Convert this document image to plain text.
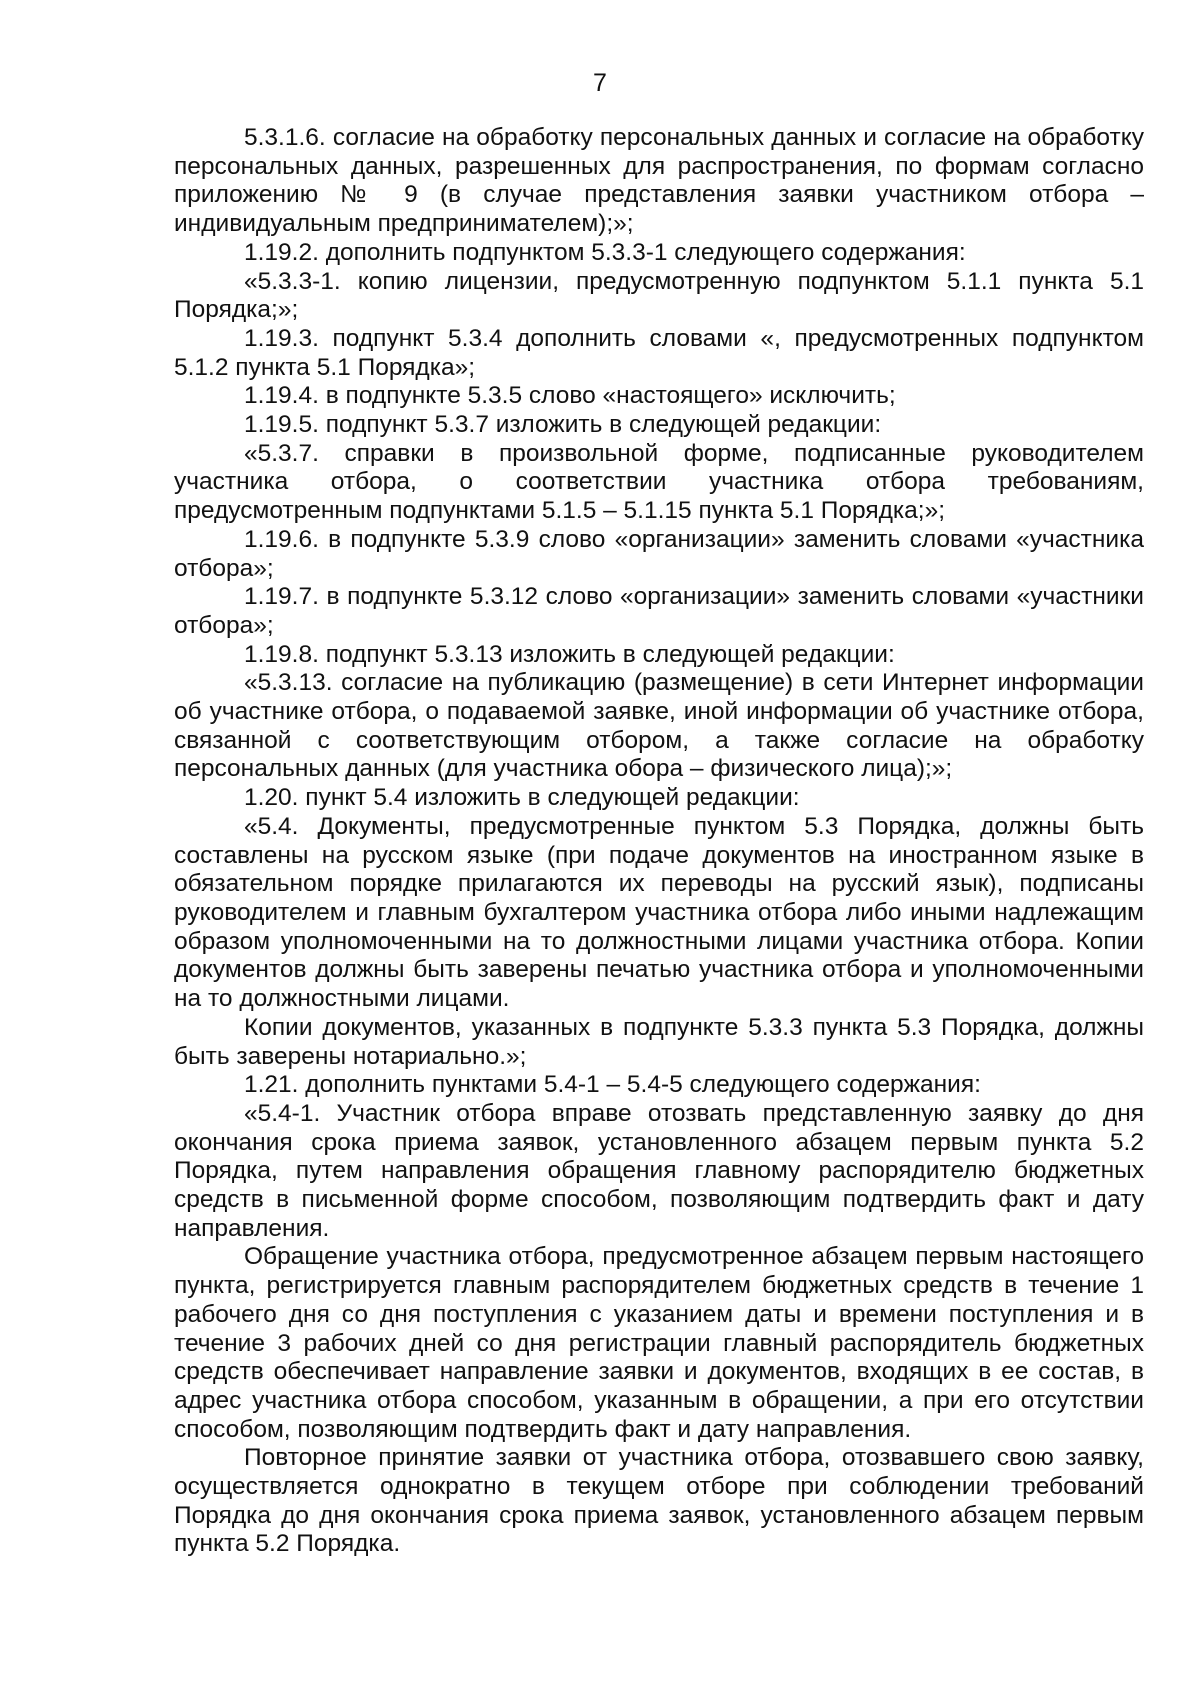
7

5.3.1.6. согласие на обработку персональных данных и согласие на обработку персональных данных, разрешенных для распространения, по формам согласно приложению № 9 (в случае представления заявки участником отбора – индивидуальным предпринимателем);»;

1.19.2. дополнить подпунктом 5.3.3-1 следующего содержания:

«5.3.3-1. копию лицензии, предусмотренную подпунктом 5.1.1 пункта 5.1 Порядка;»;

1.19.3. подпункт 5.3.4 дополнить словами «, предусмотренных подпунктом 5.1.2 пункта 5.1 Порядка»;

1.19.4. в подпункте 5.3.5 слово «настоящего» исключить;

1.19.5. подпункт 5.3.7 изложить в следующей редакции:

«5.3.7. справки в произвольной форме, подписанные руководителем участника отбора, о соответствии участника отбора требованиям, предусмотренным подпунктами 5.1.5 – 5.1.15 пункта 5.1 Порядка;»;

1.19.6. в подпункте 5.3.9 слово «организации» заменить словами «участника отбора»;

1.19.7. в подпункте 5.3.12 слово «организации» заменить словами «участники отбора»;

1.19.8. подпункт 5.3.13 изложить в следующей редакции:

«5.3.13. согласие на публикацию (размещение) в сети Интернет информации об участнике отбора, о подаваемой заявке, иной информации об участнике отбора, связанной с соответствующим отбором, а также согласие на обработку персональных данных (для участника обора – физического лица);»;

1.20. пункт 5.4 изложить в следующей редакции:

«5.4. Документы, предусмотренные пунктом 5.3 Порядка, должны быть составлены на русском языке (при подаче документов на иностранном языке в обязательном порядке прилагаются их переводы на русский язык), подписаны руководителем и главным бухгалтером участника отбора либо иными надлежащим образом уполномоченными на то должностными лицами участника отбора. Копии документов должны быть заверены печатью участника отбора и уполномоченными на то должностными лицами.

Копии документов, указанных в подпункте 5.3.3 пункта 5.3 Порядка, должны быть заверены нотариально.»;

1.21. дополнить пунктами 5.4-1 – 5.4-5 следующего содержания:

«5.4-1. Участник отбора вправе отозвать представленную заявку до дня окончания срока приема заявок, установленного абзацем первым пункта 5.2 Порядка, путем направления обращения главному распорядителю бюджетных средств в письменной форме способом, позволяющим подтвердить факт и дату направления.

Обращение участника отбора, предусмотренное абзацем первым настоящего пункта, регистрируется главным распорядителем бюджетных средств в течение 1 рабочего дня со дня поступления с указанием даты и времени поступления и в течение 3 рабочих дней со дня регистрации главный распорядитель бюджетных средств обеспечивает направление заявки и документов, входящих в ее состав, в адрес участника отбора способом, указанным в обращении, а при его отсутствии способом, позволяющим подтвердить факт и дату направления.

Повторное принятие заявки от участника отбора, отозвавшего свою заявку, осуществляется однократно в текущем отборе при соблюдении требований Порядка до дня окончания срока приема заявок, установленного абзацем первым пункта 5.2 Порядка.
